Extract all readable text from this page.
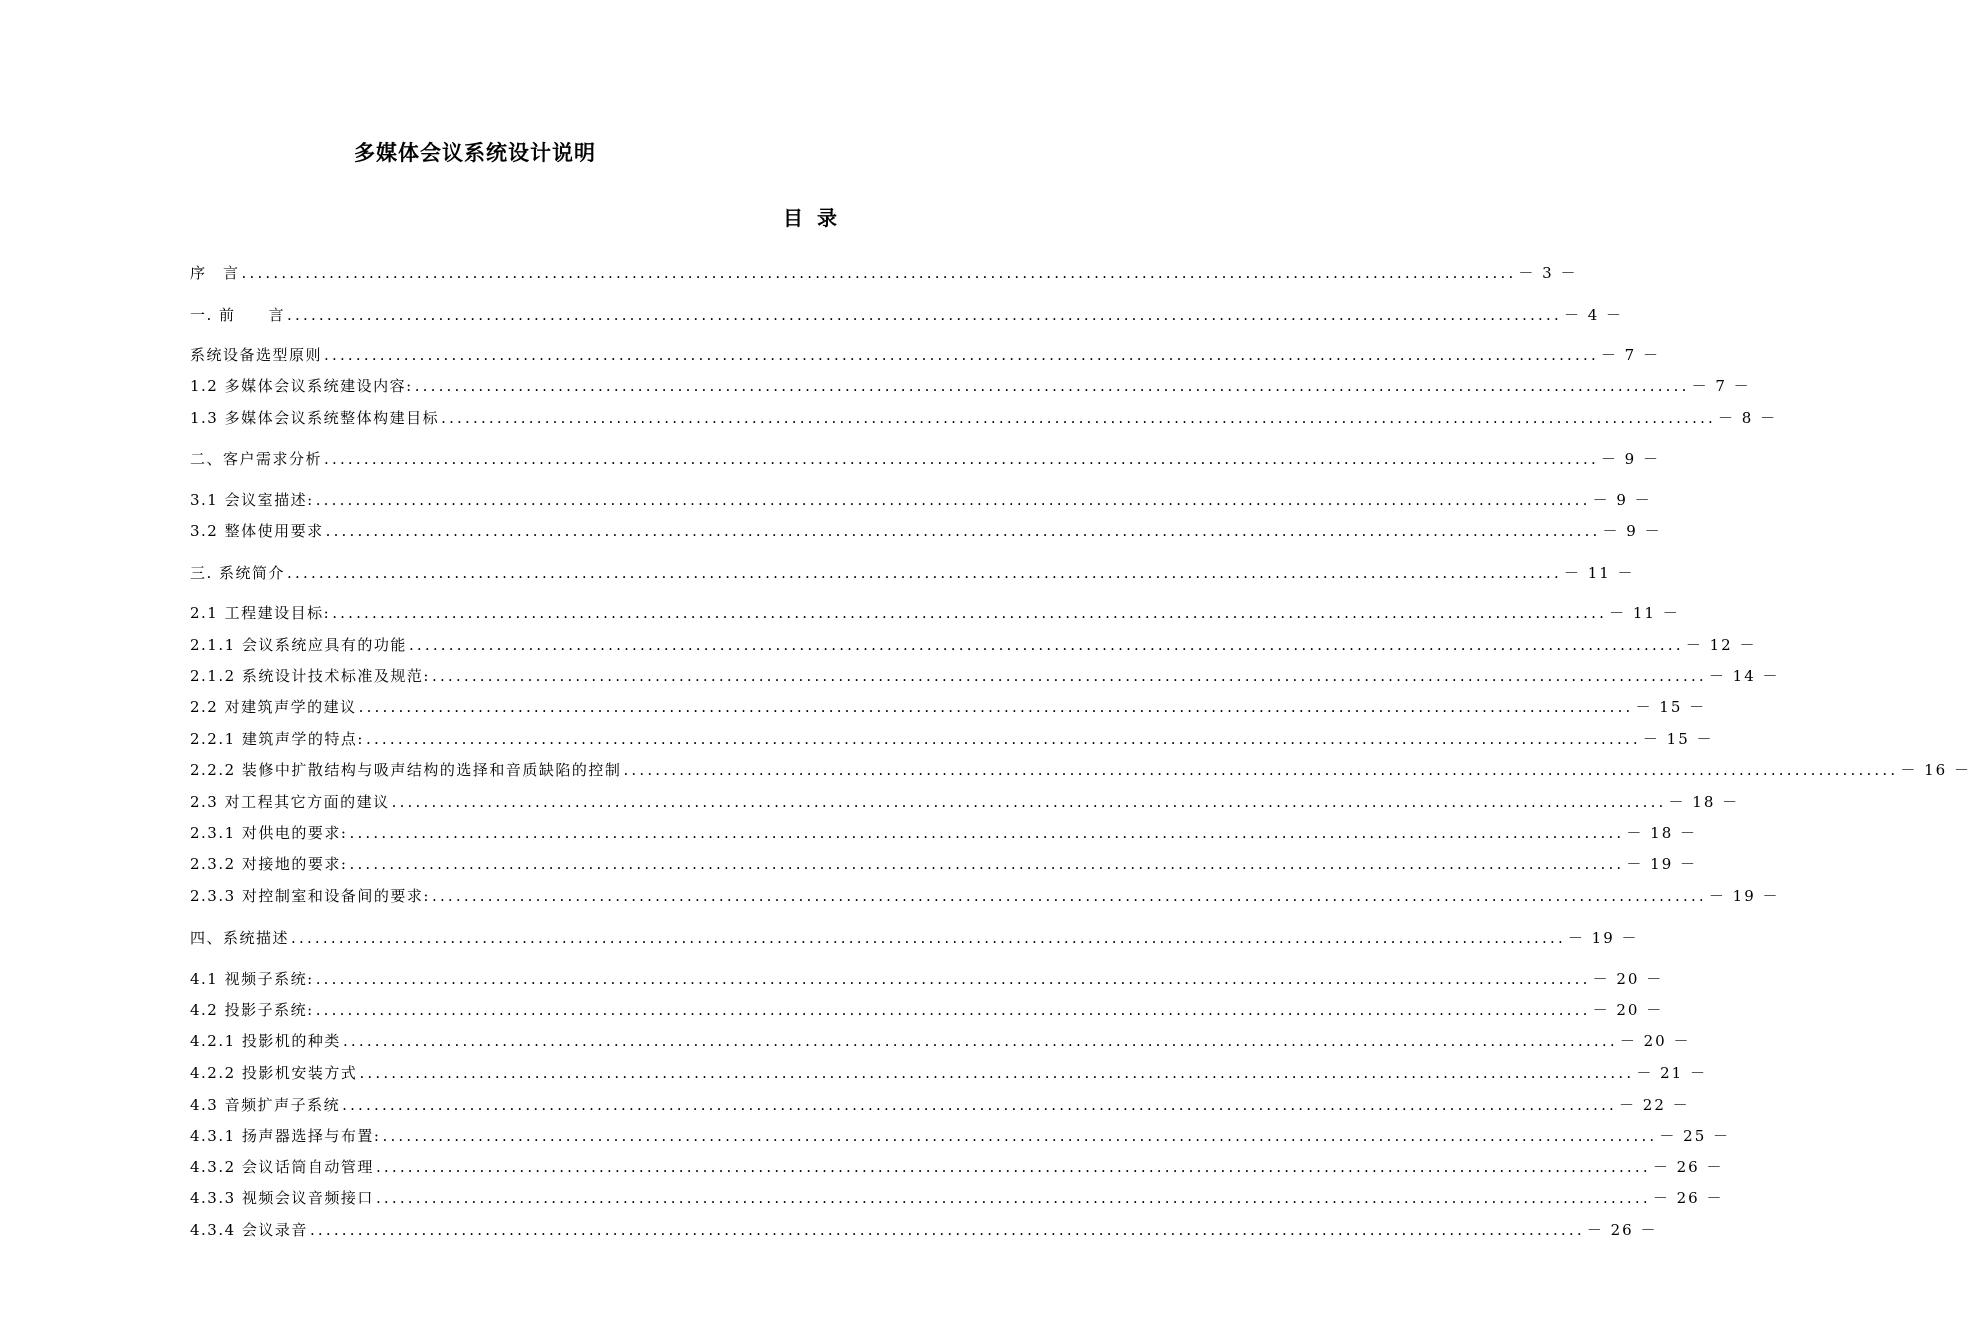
多媒体会议系统设计说明
目 录
序　言 ................................................................................................................................................................ － 3 －
一. 前　　言 ................................................................................................................................................................ － 4 －
系统设备选型原则 ................................................................................................................................................................ － 7 －
1.2 多媒体会议系统建设内容: ................................................................................................................................................................ － 7 －
1.3 多媒体会议系统整体构建目标 ................................................................................................................................................................ － 8 －
二、客户需求分析 ................................................................................................................................................................ － 9 －
3.1 会议室描述: ................................................................................................................................................................ － 9 －
3.2 整体使用要求 ................................................................................................................................................................ － 9 －
三. 系统简介 ................................................................................................................................................................ － 11 －
2.1 工程建设目标: ................................................................................................................................................................ － 11 －
2.1.1 会议系统应具有的功能 ................................................................................................................................................................ － 12 －
2.1.2 系统设计技术标准及规范: ................................................................................................................................................................ － 14 －
2.2 对建筑声学的建议 ................................................................................................................................................................ － 15 －
2.2.1 建筑声学的特点: ................................................................................................................................................................ － 15 －
2.2.2 装修中扩散结构与吸声结构的选择和音质缺陷的控制 ................................................................................................................................................................ － 16 －
2.3 对工程其它方面的建议 ................................................................................................................................................................ － 18 －
2.3.1 对供电的要求: ................................................................................................................................................................ － 18 －
2.3.2 对接地的要求: ................................................................................................................................................................ － 19 －
2.3.3 对控制室和设备间的要求: ................................................................................................................................................................ － 19 －
四、系统描述 ................................................................................................................................................................ － 19 －
4.1 视频子系统: ................................................................................................................................................................ － 20 －
4.2 投影子系统: ................................................................................................................................................................ － 20 －
4.2.1 投影机的种类 ................................................................................................................................................................ － 20 －
4.2.2 投影机安装方式 ................................................................................................................................................................ － 21 －
4.3 音频扩声子系统 ................................................................................................................................................................ － 22 －
4.3.1 扬声器选择与布置: ................................................................................................................................................................ － 25 －
4.3.2 会议话筒自动管理 ................................................................................................................................................................ － 26 －
4.3.3 视频会议音频接口 ................................................................................................................................................................ － 26 －
4.3.4 会议录音 ................................................................................................................................................................ － 26 －
